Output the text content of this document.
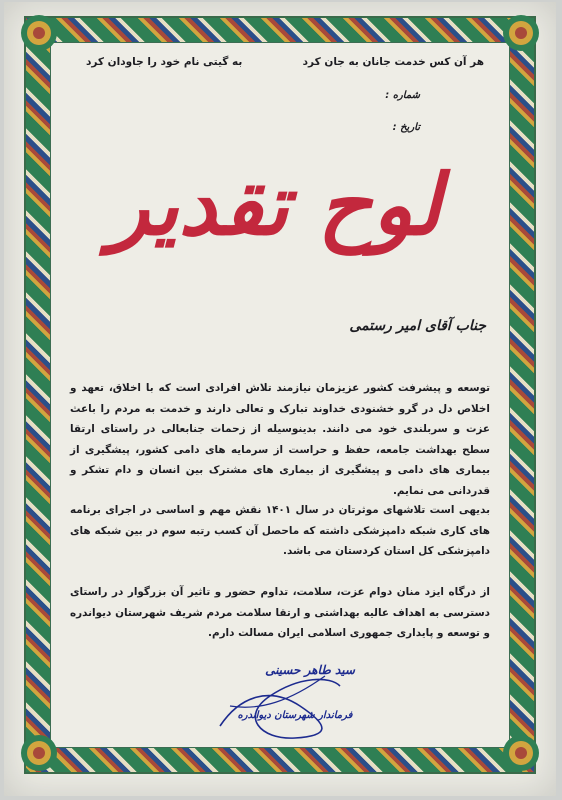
هر آن کس خدمت جانان به جان کرد
به گیتی نام خود را جاودان کرد
شماره :
تاریخ :
لوح تقدیر
جناب آقای امیر رستمی

توسعه و پیشرفت کشور عزیزمان نیازمند تلاش افرادی است که با اخلاق، تعهد و اخلاص دل در گرو خشنودی خداوند تبارک و تعالی دارند و خدمت به مردم را باعث عزت و سربلندی خود می دانند. بدینوسیله از زحمات جنابعالی در راستای ارتقا سطح بهداشت جامعه، حفظ و حراست از سرمایه های دامی کشور، پیشگیری از بیماری های دامی و پیشگیری از بیماری های مشترک بین انسان و دام تشکر و قدردانی می نمایم.

بدیهی است تلاشهای موثرتان در سال ۱۴۰۱ نقش مهم و اساسی در اجرای برنامه های کاری شبکه دامپزشکی داشته که ماحصل آن کسب رتبه سوم در بین شبکه های دامپزشکی کل استان کردستان می باشد.

از درگاه ایزد منان دوام عزت، سلامت، تداوم حضور و تاثیر آن بزرگوار در راستای دسترسی به اهداف عالیه بهداشتی و ارتقا سلامت مردم شریف شهرستان دیواندره و توسعه و پایداری جمهوری اسلامی ایران مسالت دارم.

سید طاهر حسینی
فرماندار شهرستان دیواندره
